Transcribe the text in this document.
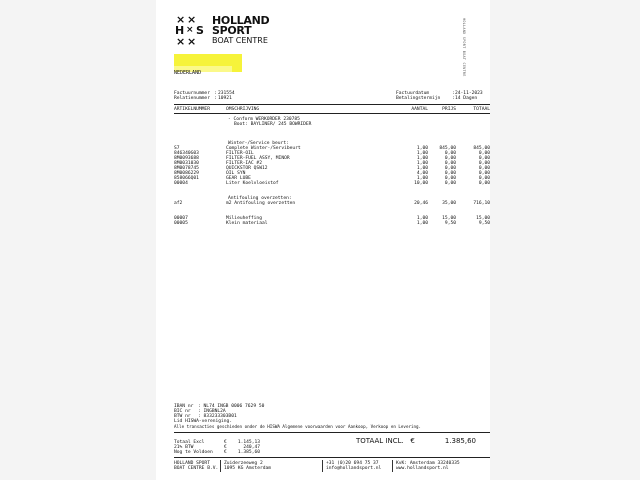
× ×
H × S
× ×
HOLLAND
SPORT
BOAT CENTRE	HOLLAND SPORT BOAT CENTRE
NEDERLAND
Factuurnummer : 231554
Relatienummer : 10921
Factuurdatum	: 24-11-2023
Betalingstermijn	: 14 Dagen
ARTIKELNUMMER	OMSCHRIJVING	AANTAL	PRIJS	TOTAAL
- Conform WERKORDER 230785
Boot: BAYLINER/ 245 BOWRIDER
Winter-/Service beurt:
S7	Complete Winter-/Servibeurt	1,00	845,00	845,00
846340G03	FILTER-OIL	1,00	0,00	0,00
8M0093688	FILTER-FUEL ASSY, MINOR	1,00	0,00	0,00
8M0031030	FILTER-IAC #2	1,00	0,00	0,00
8M0078745	QUICKSTOR QSW12	1,00	0,00	0,00
8M0086229	OIL SYN	4,00	0,00	0,00
858066Q01	GEAR LUBE	1,00	0,00	0,00
00004	Liter Koelvloeistof	10,00	0,00	0,00
Antifouling overzetten:
af2	m2 Antifouling overzetten	20,46	35,00	716,10
00007	Milieuheffing	1,00	15,00	15,00
00005	Klein materiaal	1,00	9,50	9,50
IBAN nr : NL74 INGB 0006 7629 50
BIC nr : INGBNL2A
BTW nr : 833233303B01
Lid HISWA-vereniging.
Alle transacties geschieden onder de HISWA Algemene voorwaarden voor Aankoop, Verkoop en Levering.
Totaal Excl	€	1.145,13
21% BTW	€	240,47
Nog te Voldoen €	1.385,60
TOTAAL INCL. €	1.385,60
HOLLAND SPORT
BOAT CENTRE B.V.
Zuiderzeeweg 2
1095 KG Amsterdam
+31 (0)20 694 75 37
info@hollandsport.nl
KvK: Amsterdam 33240335
www.hollandsport.nl
